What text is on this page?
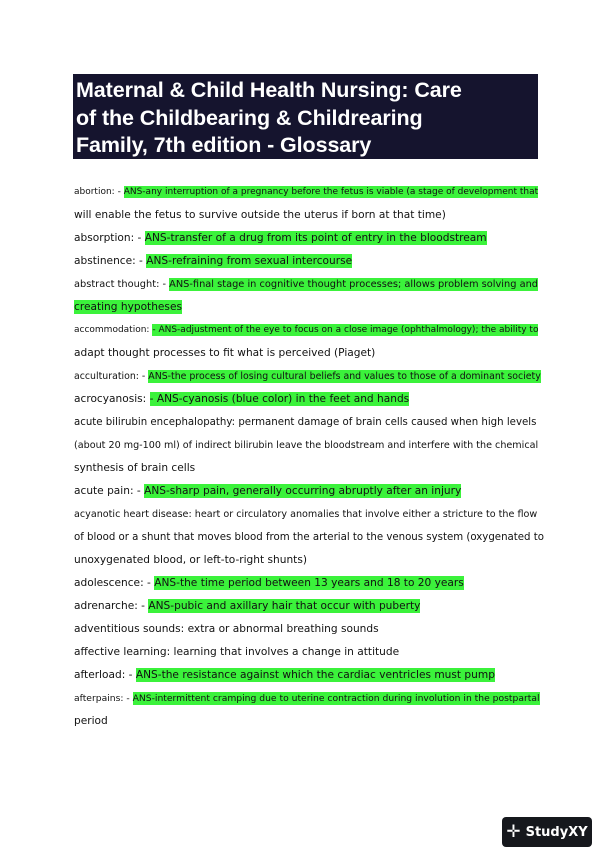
Maternal & Child Health Nursing: Care
of the Childbearing & Childrearing
Family, 7th edition - Glossary
abortion: - ANS-any interruption of a pregnancy before the fetus is viable (a stage of development that
will enable the fetus to survive outside the uterus if born at that time)
absorption: - ANS-transfer of a drug from its point of entry in the bloodstream
abstinence: - ANS-refraining from sexual intercourse
abstract thought: - ANS-final stage in cognitive thought processes; allows problem solving and
creating hypotheses
accommodation: - ANS-adjustment of the eye to focus on a close image (ophthalmology); the ability to
adapt thought processes to fit what is perceived (Piaget)
acculturation: - ANS-the process of losing cultural beliefs and values to those of a dominant society
acrocyanosis: - ANS-cyanosis (blue color) in the feet and hands
acute bilirubin encephalopathy: permanent damage of brain cells caused when high levels
(about 20 mg-100 ml) of indirect bilirubin leave the bloodstream and interfere with the chemical
synthesis of brain cells
acute pain: - ANS-sharp pain, generally occurring abruptly after an injury
acyanotic heart disease: heart or circulatory anomalies that involve either a stricture to the flow
of blood or a shunt that moves blood from the arterial to the venous system (oxygenated to
unoxygenated blood, or left-to-right shunts)
adolescence: - ANS-the time period between 13 years and 18 to 20 years
adrenarche: - ANS-pubic and axillary hair that occur with puberty
adventitious sounds: extra or abnormal breathing sounds
affective learning: learning that involves a change in attitude
afterload: - ANS-the resistance against which the cardiac ventricles must pump
afterpains: - ANS-intermittent cramping due to uterine contraction during involution in the postpartal
period
✛ StudyXY
